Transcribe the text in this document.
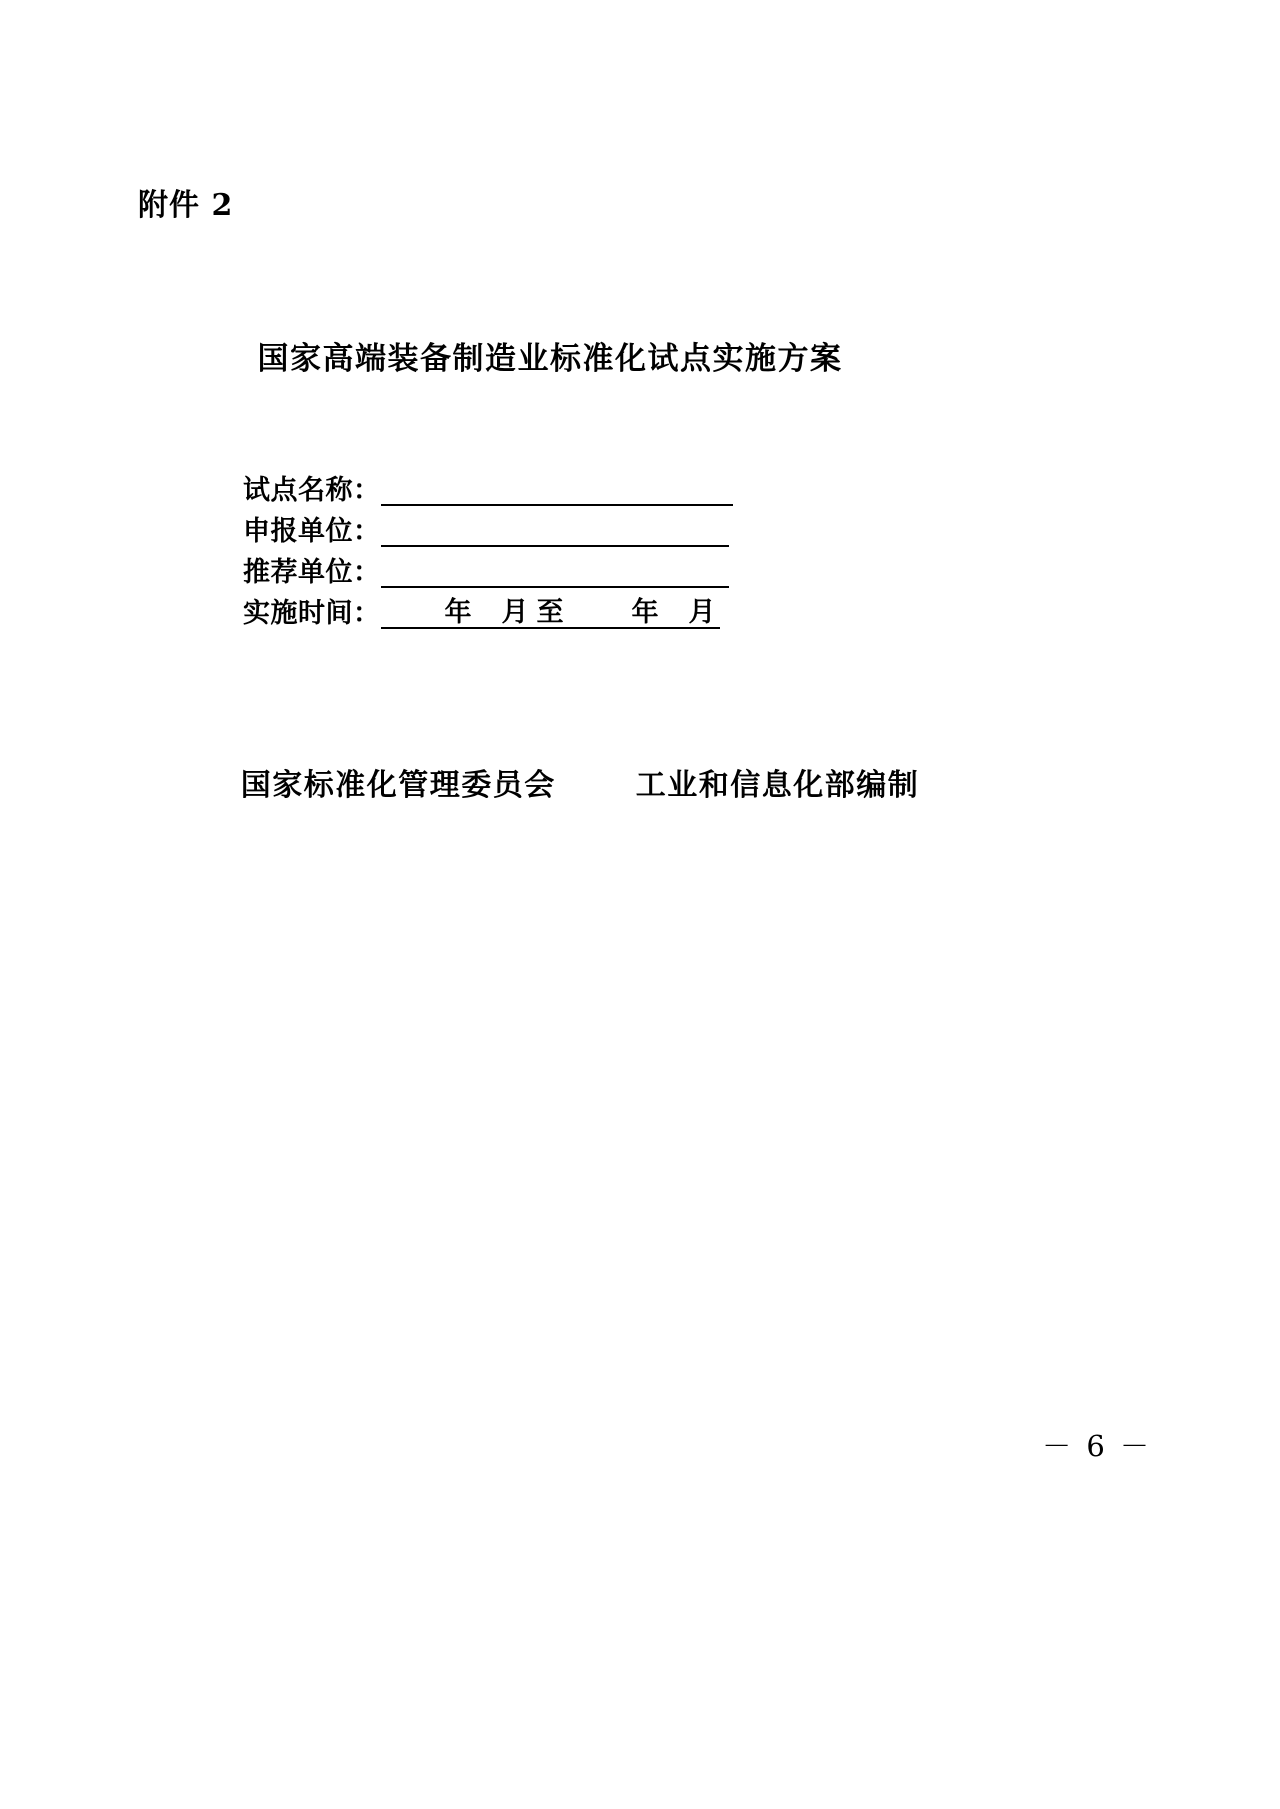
附件 2
国家高端装备制造业标准化试点实施方案
试点名称：
申报单位：
推荐单位：
实施时间： 年 月 至	年 月
国家标准化管理委员会	工业和信息化部编制
－ 6 －
